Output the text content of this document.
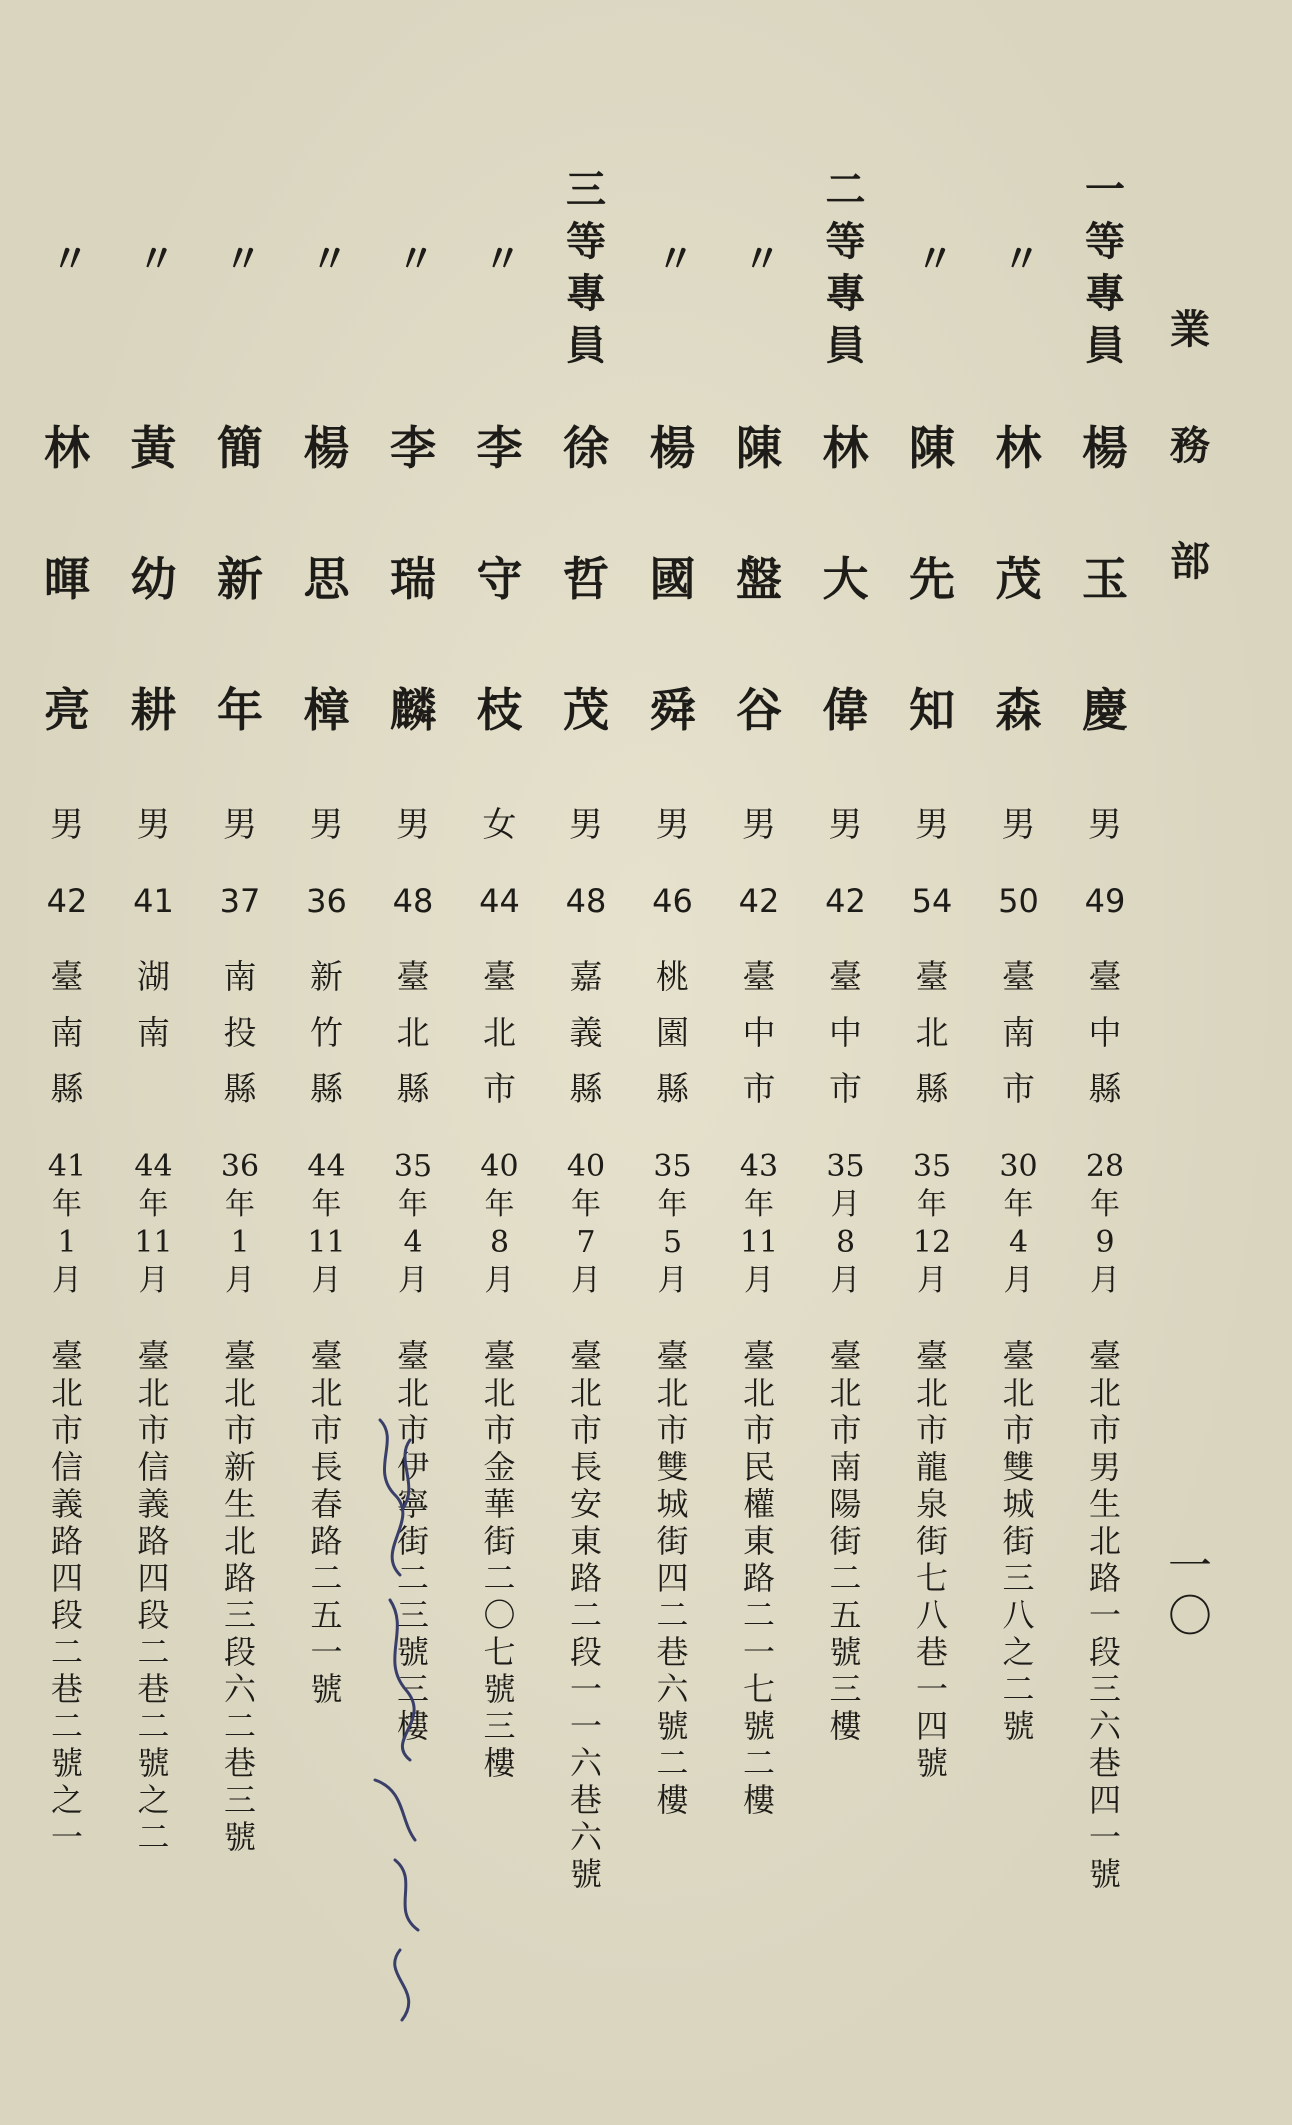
業
務
部
一
〇
一
等
專
員
楊
玉
慶
男
49
臺
中
縣
28
年
9
月
臺
北
市
男
生
北
路
一
段
三
六
巷
四
一
號
〃
林
茂
森
男
50
臺
南
市
30
年
4
月
臺
北
市
雙
城
街
三
八
之
二
號
〃
陳
先
知
男
54
臺
北
縣
35
年
12
月
臺
北
市
龍
泉
街
七
八
巷
一
四
號
二
等
專
員
林
大
偉
男
42
臺
中
市
35
月
8
月
臺
北
市
南
陽
街
二
五
號
三
樓
〃
陳
盤
谷
男
42
臺
中
市
43
年
11
月
臺
北
市
民
權
東
路
二
一
七
號
二
樓
〃
楊
國
舜
男
46
桃
園
縣
35
年
5
月
臺
北
市
雙
城
街
四
二
巷
六
號
二
樓
三
等
專
員
徐
哲
茂
男
48
嘉
義
縣
40
年
7
月
臺
北
市
長
安
東
路
二
段
一
一
六
巷
六
號
〃
李
守
枝
女
44
臺
北
市
40
年
8
月
臺
北
市
金
華
街
二
〇
七
號
三
樓
〃
李
瑞
麟
男
48
臺
北
縣
35
年
4
月
臺
北
市
伊
寧
街
二
三
號
三
樓
〃
楊
思
樟
男
36
新
竹
縣
44
年
11
月
臺
北
市
長
春
路
二
五
一
號
〃
簡
新
年
男
37
南
投
縣
36
年
1
月
臺
北
市
新
生
北
路
三
段
六
二
巷
三
號
〃
黃
幼
耕
男
41
湖
南
44
年
11
月
臺
北
市
信
義
路
四
段
二
巷
二
號
之
二
〃
林
暉
亮
男
42
臺
南
縣
41
年
1
月
臺
北
市
信
義
路
四
段
二
巷
二
號
之
一
